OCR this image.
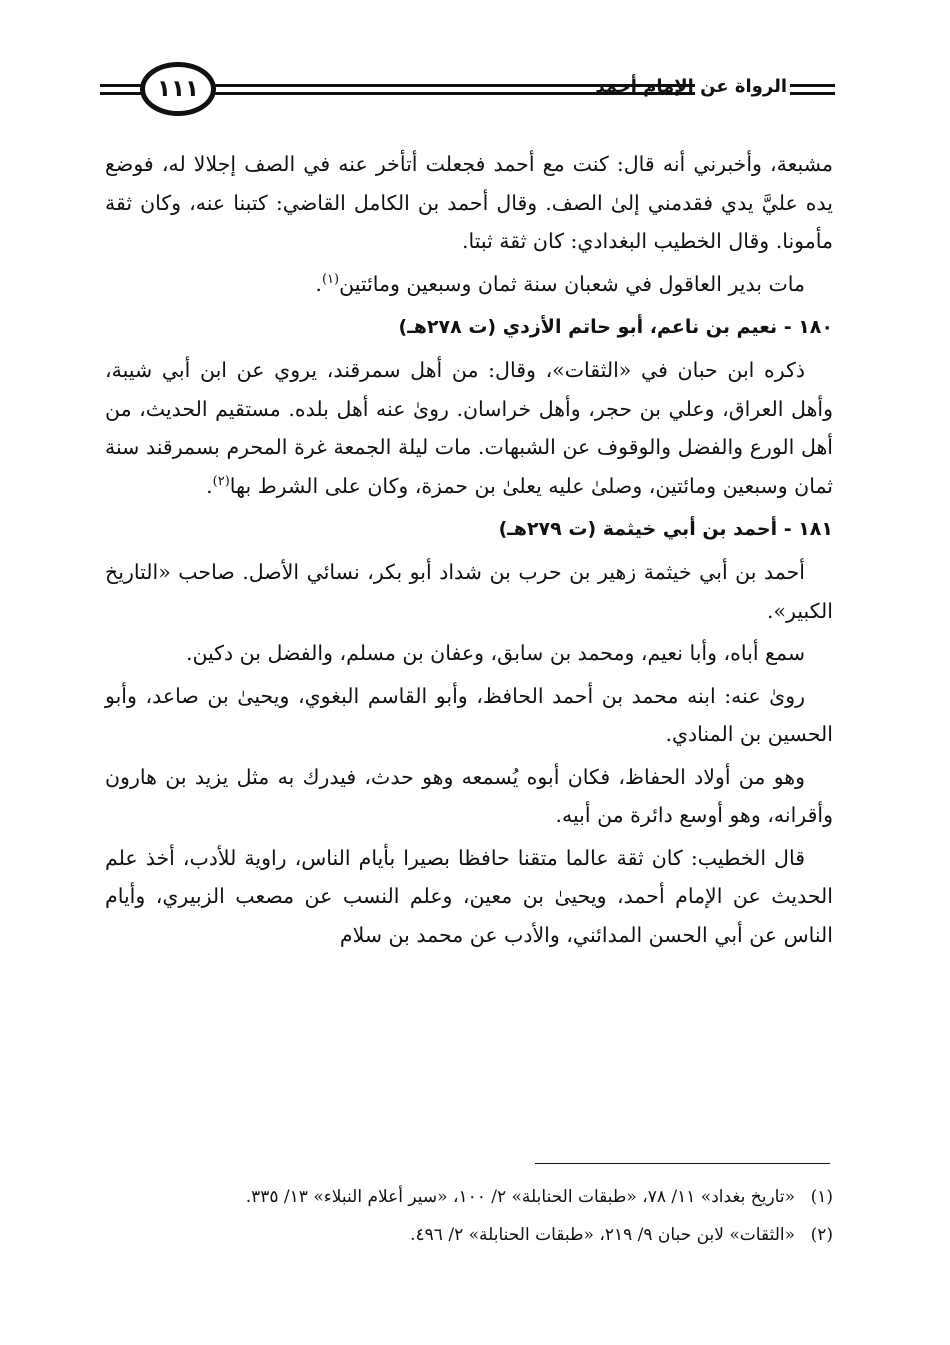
١١١	الرواة عن الإمام أحمد

مشبعة، وأخبرني أنه قال: كنت مع أحمد فجعلت أتأخر عنه في الصف إجلالا له، فوضع يده عليَّ يدي فقدمني إلىٰ الصف. وقال أحمد بن الكامل القاضي: كتبنا عنه، وكان ثقة مأمونا. وقال الخطيب البغدادي: كان ثقة ثبتا.

مات بدير العاقول في شعبان سنة ثمان وسبعين ومائتين$^{(١)}$.

١٨٠ - نعيم بن ناعم، أبو حاتم الأزدي (ت ٢٧٨هـ)

ذكره ابن حبان في «الثقات»، وقال: من أهل سمرقند، يروي عن ابن أبي شيبة، وأهل العراق، وعلي بن حجر، وأهل خراسان. روىٰ عنه أهل بلده. مستقيم الحديث، من أهل الورع والفضل والوقوف عن الشبهات. مات ليلة الجمعة غرة المحرم بسمرقند سنة ثمان وسبعين ومائتين، وصلىٰ عليه يعلىٰ بن حمزة، وكان على الشرط بها$^{(٢)}$.

١٨١ - أحمد بن أبي خيثمة (ت ٢٧٩هـ)

أحمد بن أبي خيثمة زهير بن حرب بن شداد أبو بكر، نسائي الأصل. صاحب «التاريخ الكبير».

سمع أباه، وأبا نعيم، ومحمد بن سابق، وعفان بن مسلم، والفضل بن دكين.

روىٰ عنه: ابنه محمد بن أحمد الحافظ، وأبو القاسم البغوي، ويحيىٰ بن صاعد، وأبو الحسين بن المنادي.

وهو من أولاد الحفاظ، فكان أبوه يُسمعه وهو حدث، فيدرك به مثل يزيد بن هارون وأقرانه، وهو أوسع دائرة من أبيه.

قال الخطيب: كان ثقة عالما متقنا حافظا بصيرا بأيام الناس، راوية للأدب، أخذ علم الحديث عن الإمام أحمد، ويحيىٰ بن معين، وعلم النسب عن مصعب الزبيري، وأيام الناس عن أبي الحسن المدائني، والأدب عن محمد بن سلام

(١)«تاريخ بغداد» ١١/ ٧٨، «طبقات الحنابلة» ٢/ ١٠٠، «سير أعلام النبلاء» ١٣/ ٣٣٥.

(٢)«الثقات» لابن حبان ٩/ ٢١٩، «طبقات الحنابلة» ٢/ ٤٩٦.
